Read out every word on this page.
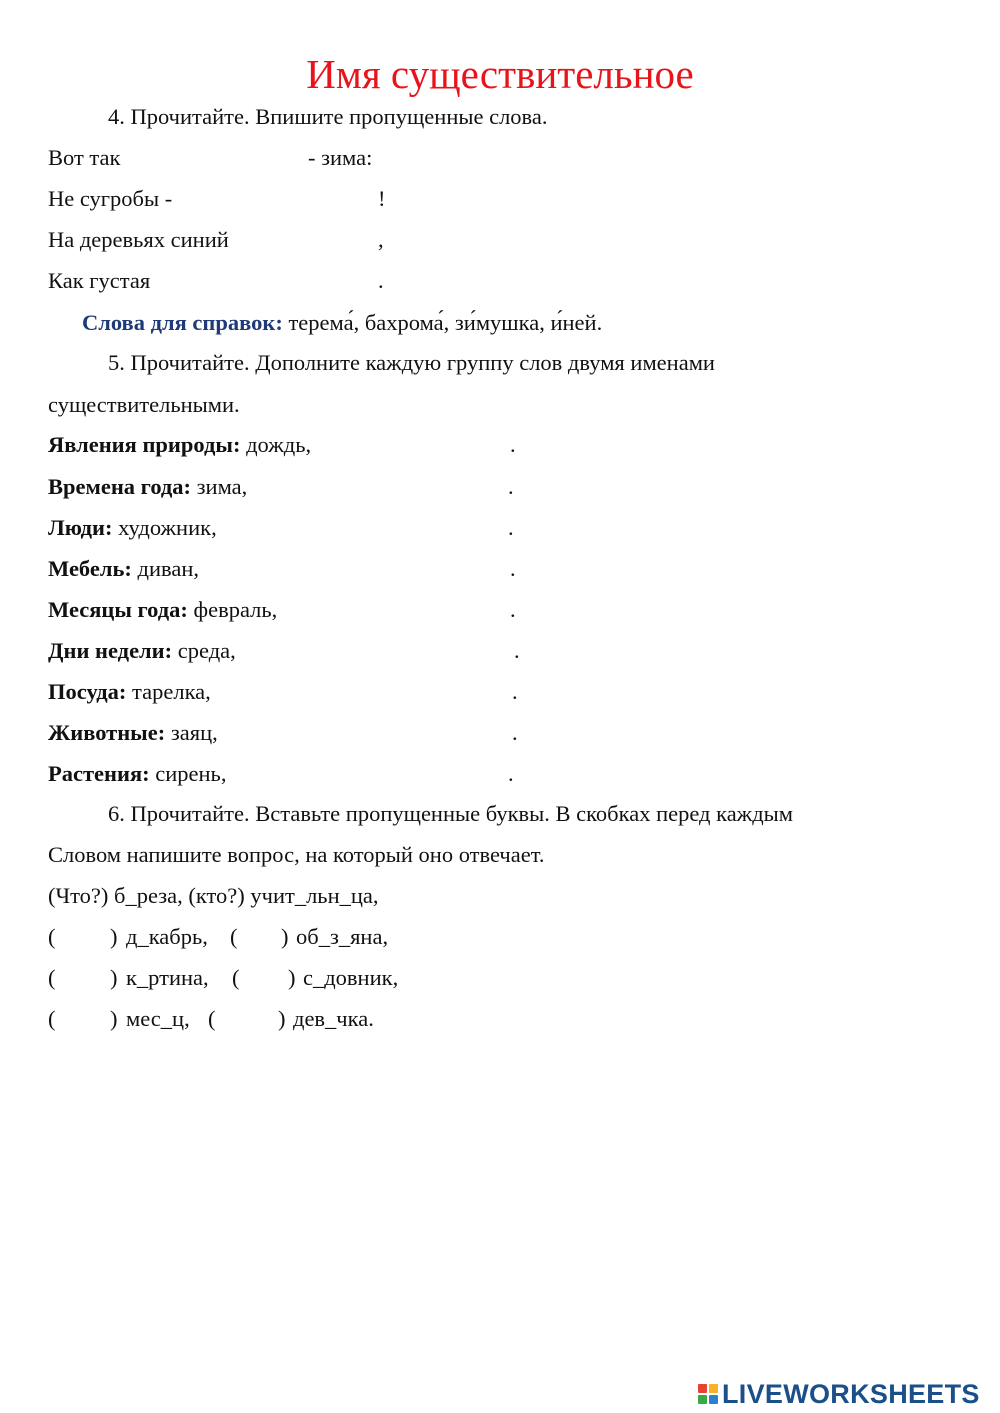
Имя существительное
4. Прочитайте. Впишите пропущенные слова.
Вот так	- зима:
Не сугробы -	!
На деревьях синий	,
Как густая	.
Слова для справок: терема́, бахрома́, зи́мушка, и́ней.
5. Прочитайте. Дополните каждую группу слов двумя именами
существительными.
Явления природы: дождь,	.
Времена года: зима,	.
Люди: художник,	.
Мебель: диван,	.
Месяцы года: февраль,	.
Дни недели: среда,	.
Посуда: тарелка,	.
Животные: заяц,	.
Растения: сирень,	.
6. Прочитайте. Вставьте пропущенные буквы. В скобках перед каждым
Словом напишите вопрос, на который оно отвечает.
(Что?) б_реза, (кто?) учит_льн_ца,
( ) д_кабрь, ( ) об_з_яна,
( ) к_ртина, ( ) с_довник,
( ) мес_ц, (	) дев_чка.
LIVEWORKSHEETS
